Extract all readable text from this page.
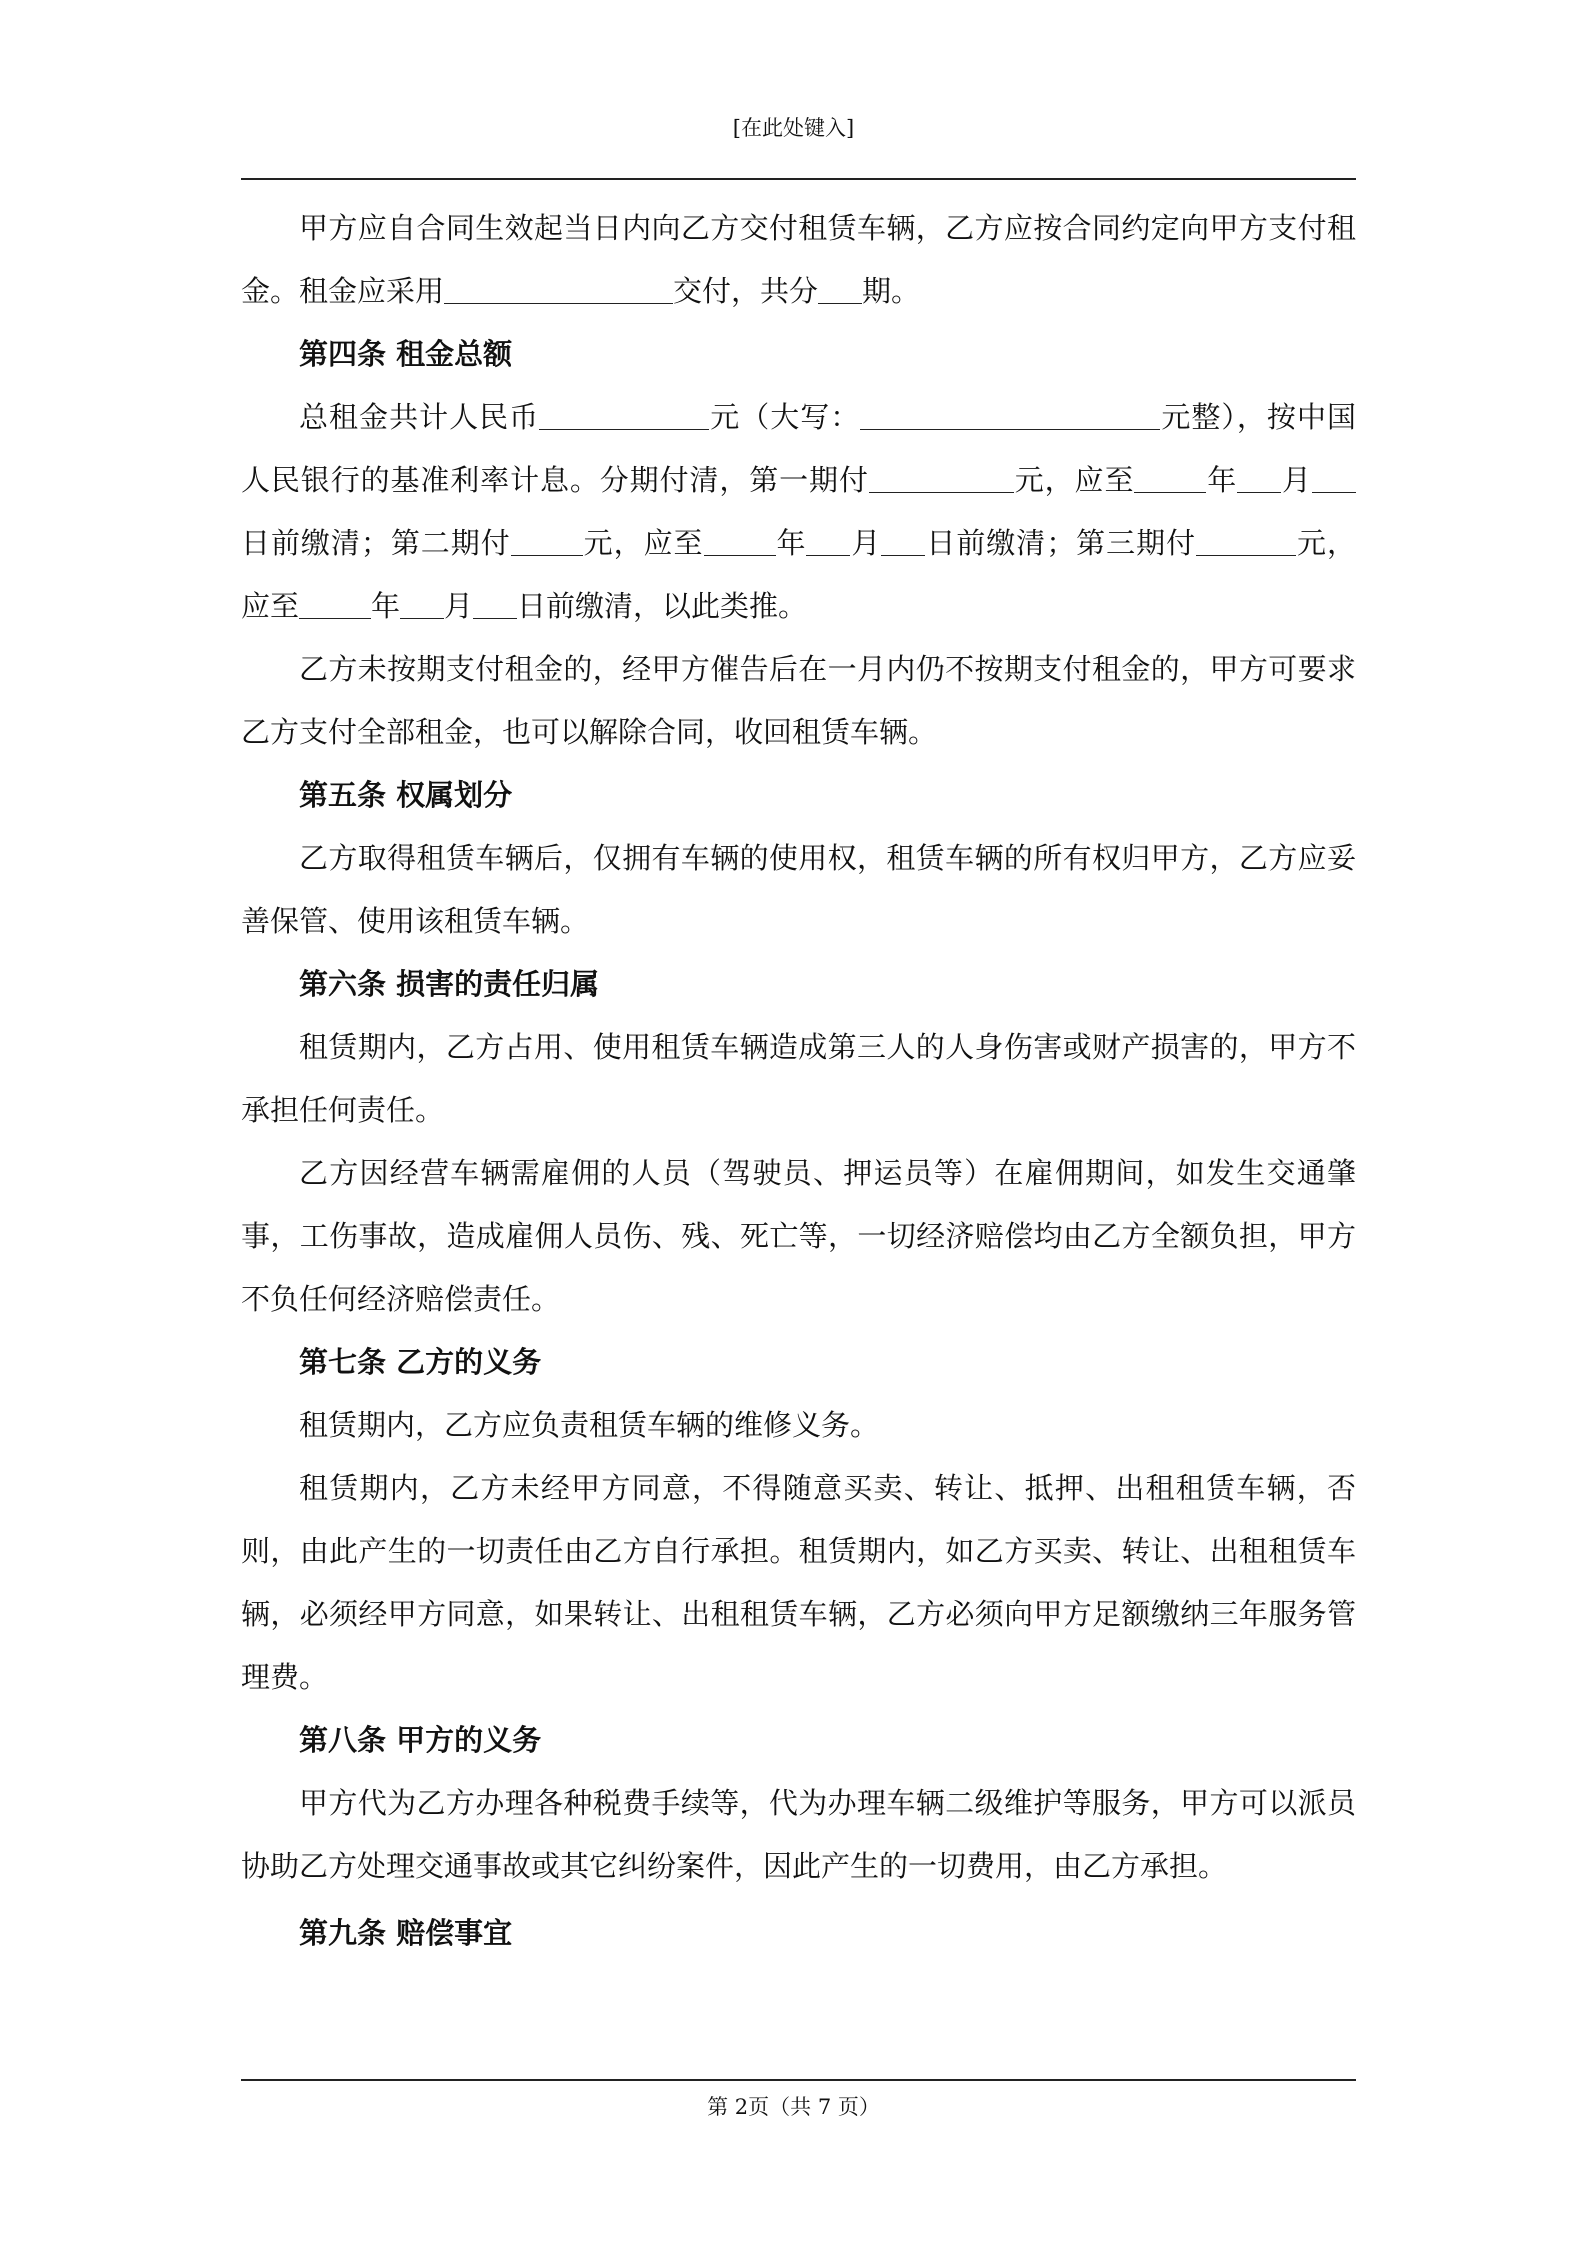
[在此处键入]

甲方应自合同生效起当日内向乙方交付租赁车辆，乙方应按合同约定向甲方支付租金。租金应采用	交付，共分 期。

第四条 租金总额

总租金共计人民币	元（大写：	元整），按中国人民银行的基准利率计息。分期付清，第一期付	元，应至 年 月日前缴清；第二期付 元，应至 年 月 日前缴清；第三期付	元，应至 年 月 日前缴清，以此类推。

乙方未按期支付租金的，经甲方催告后在一月内仍不按期支付租金的，甲方可要求乙方支付全部租金，也可以解除合同，收回租赁车辆。

第五条 权属划分

乙方取得租赁车辆后，仅拥有车辆的使用权，租赁车辆的所有权归甲方，乙方应妥善保管、使用该租赁车辆。

第六条 损害的责任归属

租赁期内，乙方占用、使用租赁车辆造成第三人的人身伤害或财产损害的，甲方不承担任何责任。

乙方因经营车辆需雇佣的人员（驾驶员、押运员等）在雇佣期间，如发生交通肇事，工伤事故，造成雇佣人员伤、残、死亡等，一切经济赔偿均由乙方全额负担，甲方不负任何经济赔偿责任。

第七条 乙方的义务

租赁期内，乙方应负责租赁车辆的维修义务。

租赁期内，乙方未经甲方同意，不得随意买卖、转让、抵押、出租租赁车辆，否则，由此产生的一切责任由乙方自行承担。租赁期内，如乙方买卖、转让、出租租赁车辆，必须经甲方同意，如果转让、出租租赁车辆，乙方必须向甲方足额缴纳三年服务管理费。

第八条 甲方的义务

甲方代为乙方办理各种税费手续等，代为办理车辆二级维护等服务，甲方可以派员协助乙方处理交通事故或其它纠纷案件，因此产生的一切费用，由乙方承担。

第九条 赔偿事宜

第 2页（共 7 页）
